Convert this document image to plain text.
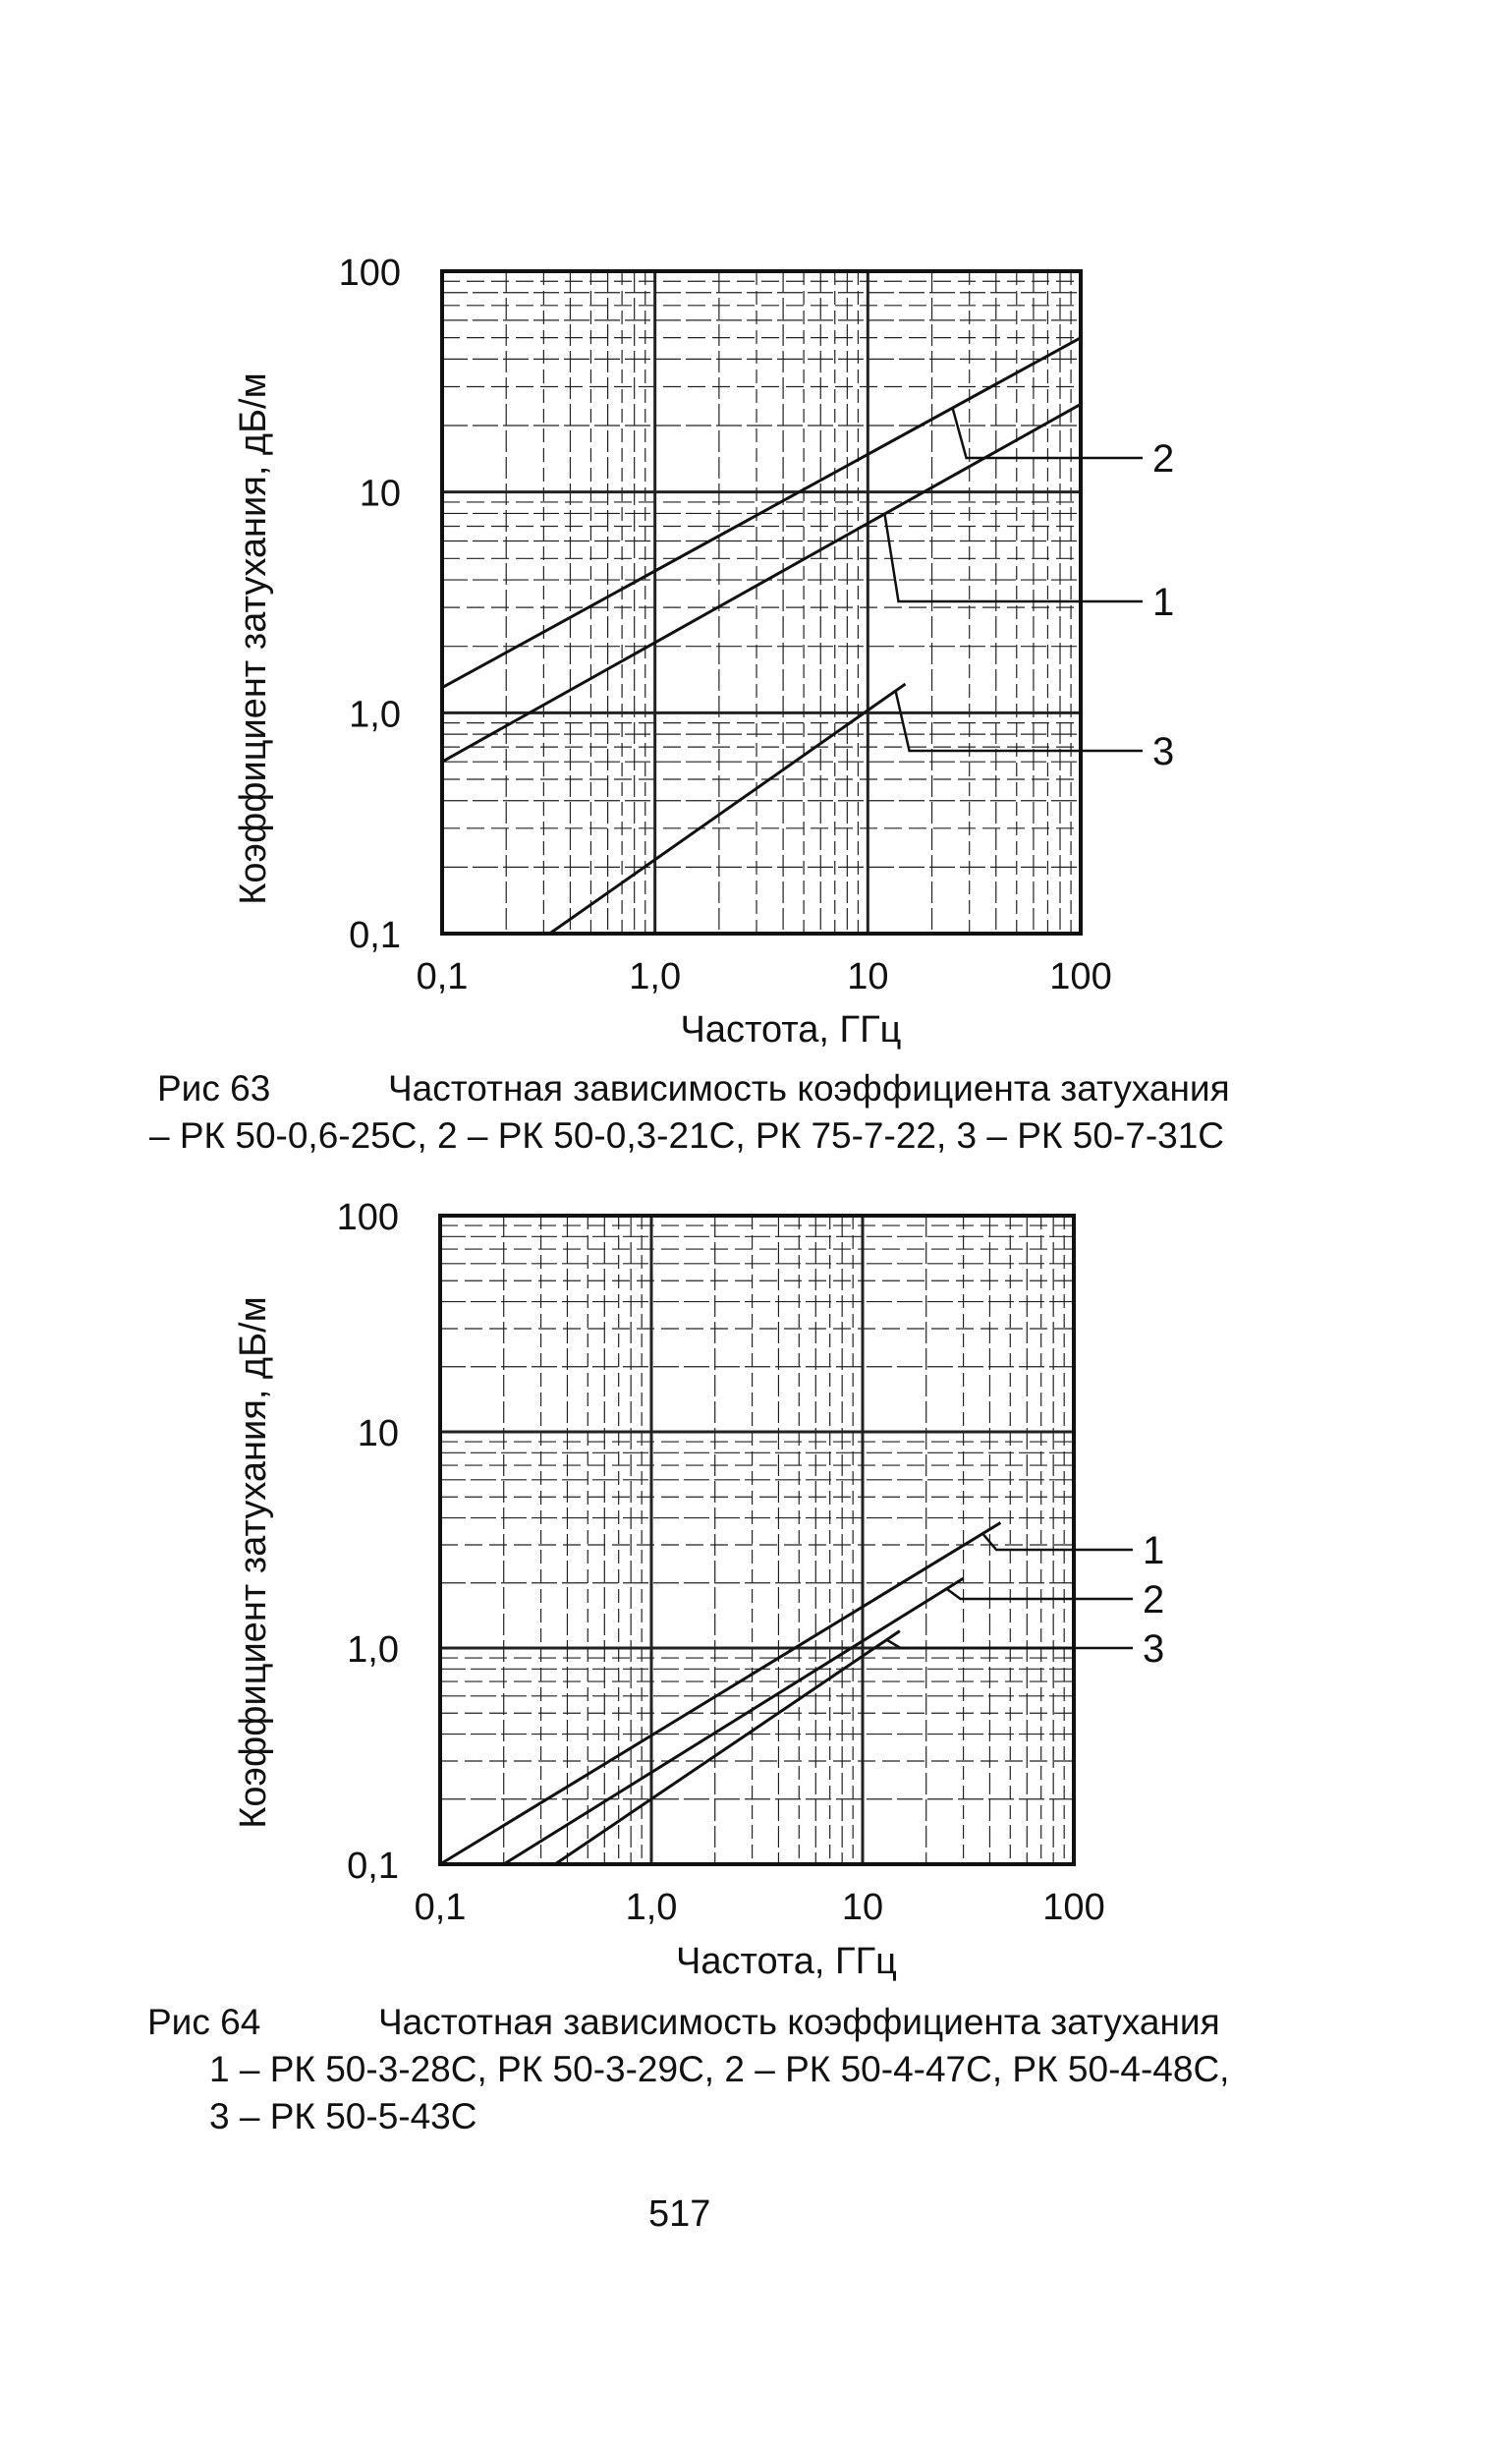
0,1	1,0	10	100
0,1
1,0
10
100
Частота, ГГц
Коэффициент затухания, дБ/м	1
2
3
0,1	1,0	10	100
0,1
1,0
10
100
Частота, ГГц
Коэффициент затухания, дБ/м	1
2
3
Рис 63	Частотная зависимость коэффициента затухания
– РК 50-0,6-25С, 2 – РК 50-0,3-21С, РК 75-7-22, 3 – РК 50-7-31С
Рис 64	Частотная зависимость коэффициента затухания
1 – РК 50-3-28С, РК 50-3-29С, 2 – РК 50-4-47С, РК 50-4-48С,
3 – РК 50-5-43С
517
